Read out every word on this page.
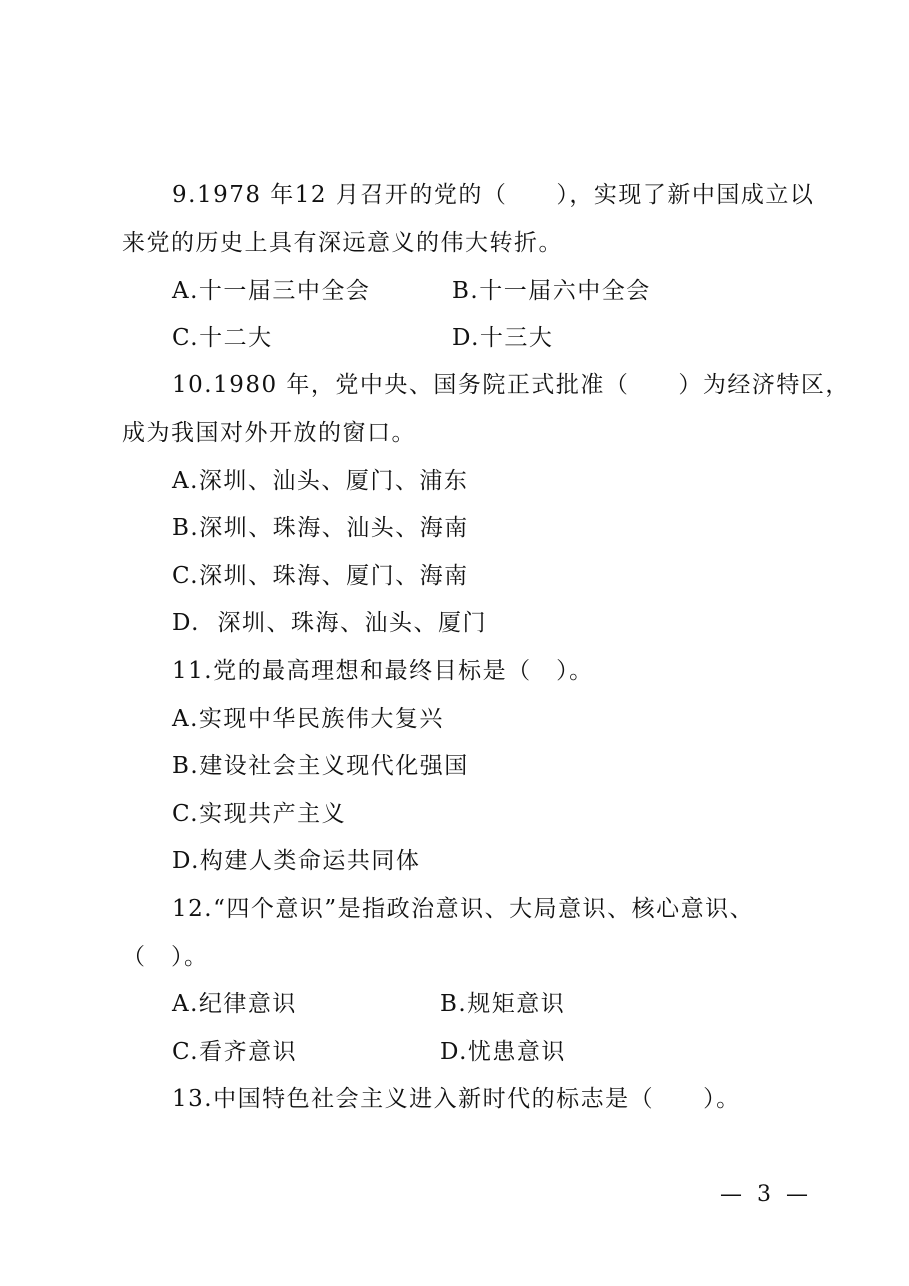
9.1978 年12 月召开的党的（　　），实现了新中国成立以
来党的历史上具有深远意义的伟大转折。
A.十一届三中全会	B.十一届六中全会
C.十二大	D.十三大
10.1980 年，党中央、国务院正式批准（　　）为经济特区，
成为我国对外开放的窗口。
A.深圳、汕头、厦门、浦东
B.深圳、珠海、汕头、海南
C.深圳、珠海、厦门、海南
D.  深圳、珠海、汕头、厦门
11.党的最高理想和最终目标是（　）。
A.实现中华民族伟大复兴
B.建设社会主义现代化强国
C.实现共产主义
D.构建人类命运共同体
12.“四个意识”是指政治意识、大局意识、核心意识、
（　）。
A.纪律意识	B.规矩意识
C.看齐意识	D.忧患意识
13.中国特色社会主义进入新时代的标志是（　　）。
— 3 —
